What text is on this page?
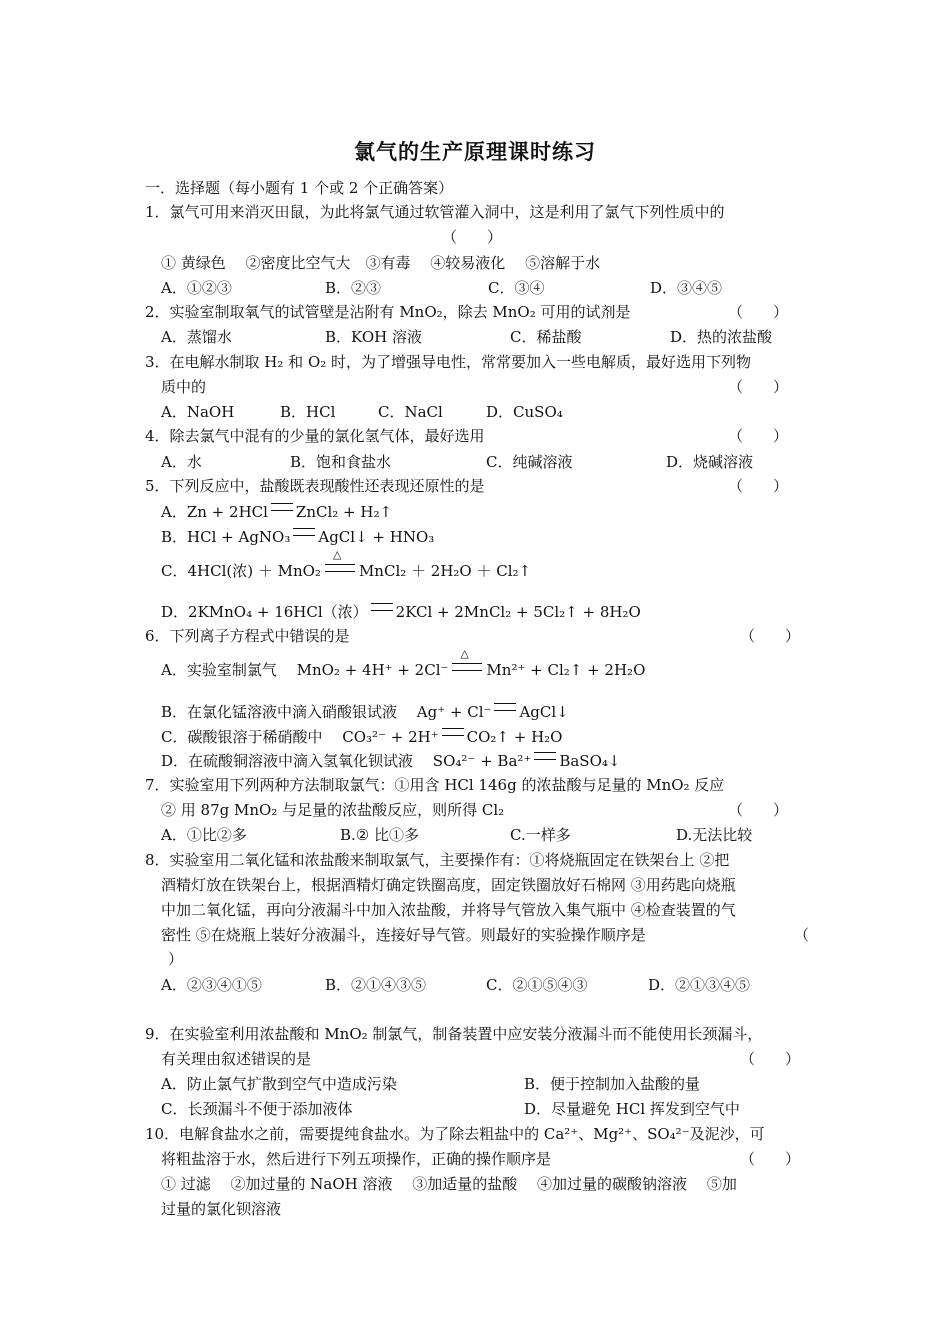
氯气的生产原理课时练习
一．选择题（每小题有 1 个或 2 个正确答案）
1．氯气可用来消灭田鼠，为此将氯气通过软管灌入洞中，这是利用了氯气下列性质中的
（　　）
① 黄绿色　 ②密度比空气大　③有毒　 ④较易液化　 ⑤溶解于水
A．①②③	B．②③	C．③④	D．③④⑤
2．实验室制取氧气的试管壁是沾附有 MnO₂，除去 MnO₂ 可用的试剂是	（　　）
A．蒸馏水	B．KOH 溶液	C．稀盐酸	D．热的浓盐酸
3．在电解水制取 H₂ 和 O₂ 时，为了增强导电性，常常要加入一些电解质，最好选用下列物
质中的	（　　）
A．NaOH	B．HCl	C．NaCl	D．CuSO₄
4．除去氯气中混有的少量的氯化氢气体，最好选用	（　　）
A．水	B．饱和食盐水	C．纯碱溶液	D．烧碱溶液
5．下列反应中，盐酸既表现酸性还表现还原性的是	（　　）
A．Zn + 2HCl ZnCl₂ + H₂↑
B．HCl + AgNO₃ AgCl↓ + HNO₃
C．4HCl(浓) ＋ MnO₂ △	MnCl₂ ＋ 2H₂O ＋ Cl₂↑
D．2KMnO₄ + 16HCl（浓） 2KCl + 2MnCl₂ + 5Cl₂↑ + 8H₂O
6．下列离子方程式中错误的是	（　　）
A．实验室制氯气　 MnO₂ + 4H⁺ + 2Cl⁻ △	Mn²⁺ + Cl₂↑ + 2H₂O
B．在氯化锰溶液中滴入硝酸银试液　 Ag⁺ + Cl⁻ AgCl↓
C．碳酸银溶于稀硝酸中　 CO₃²⁻ + 2H⁺ CO₂↑ + H₂O
D．在硫酸铜溶液中滴入氢氧化钡试液　 SO₄²⁻ + Ba²⁺ BaSO₄↓
7．实验室用下列两种方法制取氯气：①用含 HCl 146g 的浓盐酸与足量的 MnO₂ 反应
② 用 87g MnO₂ 与足量的浓盐酸反应，则所得 Cl₂	（　　）
A．①比②多	B.② 比①多	C.一样多	D.无法比较
8．实验室用二氧化锰和浓盐酸来制取氯气，主要操作有：①将烧瓶固定在铁架台上 ②把
酒精灯放在铁架台上，根据酒精灯确定铁圈高度，固定铁圈放好石棉网 ③用药匙向烧瓶
中加二氧化锰，再向分液漏斗中加入浓盐酸，并将导气管放入集气瓶中 ④检查装置的气
密性 ⑤在烧瓶上装好分液漏斗，连接好导气管。则最好的实验操作顺序是	（
）
A．②③④①⑤	B．②①④③⑤	C．②①⑤④③	D．②①③④⑤
9．在实验室利用浓盐酸和 MnO₂ 制氯气，制备装置中应安装分液漏斗而不能使用长颈漏斗，
有关理由叙述错误的是	（　　）
A．防止氯气扩散到空气中造成污染	B．便于控制加入盐酸的量
C．长颈漏斗不便于添加液体	D．尽量避免 HCl 挥发到空气中
10．电解食盐水之前，需要提纯食盐水。为了除去粗盐中的 Ca²⁺、Mg²⁺、SO₄²⁻及泥沙，可
将粗盐溶于水，然后进行下列五项操作，正确的操作顺序是	（　　）
① 过滤　 ②加过量的 NaOH 溶液　 ③加适量的盐酸　 ④加过量的碳酸钠溶液　 ⑤加
过量的氯化钡溶液
